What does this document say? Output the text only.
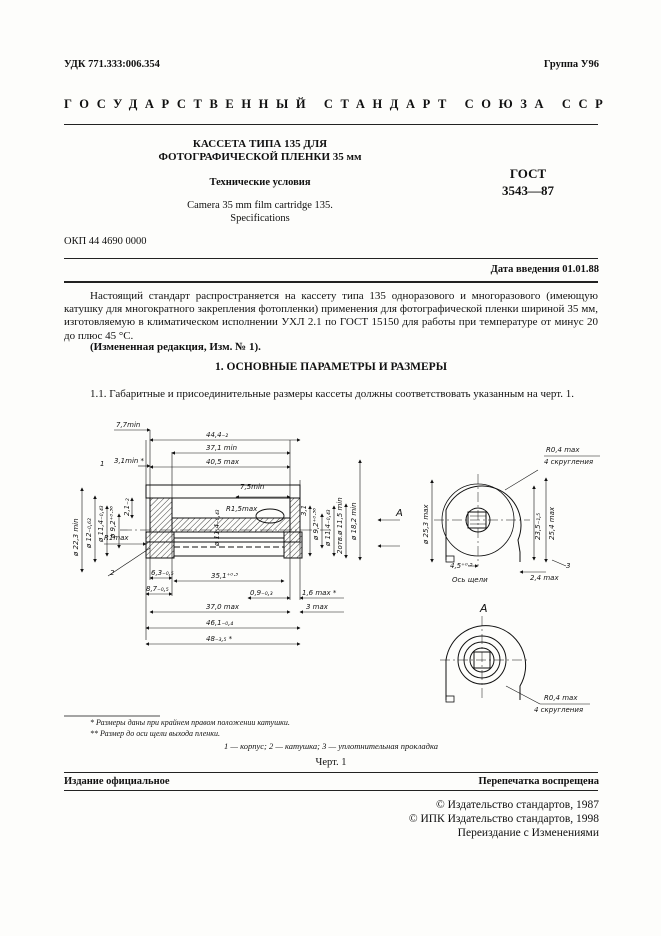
УДК 771.333:006.354	Группа У96
ГОСУДАРСТВЕННЫЙ СТАНДАРТ СОЮЗА ССР
КАССЕТА ТИПА 135 ДЛЯ
ФОТОГРАФИЧЕСКОЙ ПЛЕНКИ 35 мм
Технические условия
Camera 35 mm film cartridge 135.
Specifications
ГОСТ
3543—87
ОКП 44 4690 0000
Дата введения 01.01.88
Настоящий стандарт распространяется на кассету типа 135 одноразового и многоразового (имеющую катушку для многократного закрепления фотопленки) применения для фотографической пленки шириной 35 мм, изготовляемую в климатическом исполнении УХЛ 2.1 по ГОСТ 15150 для работы при температуре от минус 20 до плюс 45 °С.
(Измененная редакция, Изм. № 1).
1. ОСНОВНЫЕ ПАРАМЕТРЫ И РАЗМЕРЫ
1.1. Габаритные и присоединительные размеры кассеты должны соответствовать указанным на черт. 1.
7,7min
44,4₋₂
37,1 min
3,1min *	40,5 max
7,5min
R1,5max
1
2
R1max
6,3₋₀,₅
8,7₋₀,₅
35,1⁺⁰·³
0,9₋₀,₃	1,6 max *
3 max
37,0 max
46,1₋₀,₄
48₋₃,₅ *
ø 22,3 min ø 12₋₀,₆₂ ø 11,4₋₀,₄₃ ø 9,2⁺⁰·³⁶ 2,1₋₂
ø 11,4₋₀,₄₃	3,1 ø 9,2⁺⁰·³⁶ ø 11,4₋₀,₄₃ 2отв.ø 11,5 min ø 18,2 min	A
R0,4 max
4 скругления
ø 25,3 max	23,5₋₁,₅ 25,4 max
4,5⁺⁰·⁵
Ось щели	2,4 max
3
A
R0,4 max
4 скругления
* Размеры даны при крайнем правом положении катушки.
** Размер до оси щели выхода пленки.
1 — корпус; 2 — катушка; 3 — уплотнительная прокладка
Черт. 1
Издание официальное	Перепечатка воспрещена
© Издательство стандартов, 1987
© ИПК Издательство стандартов, 1998
Переиздание с Изменениями
